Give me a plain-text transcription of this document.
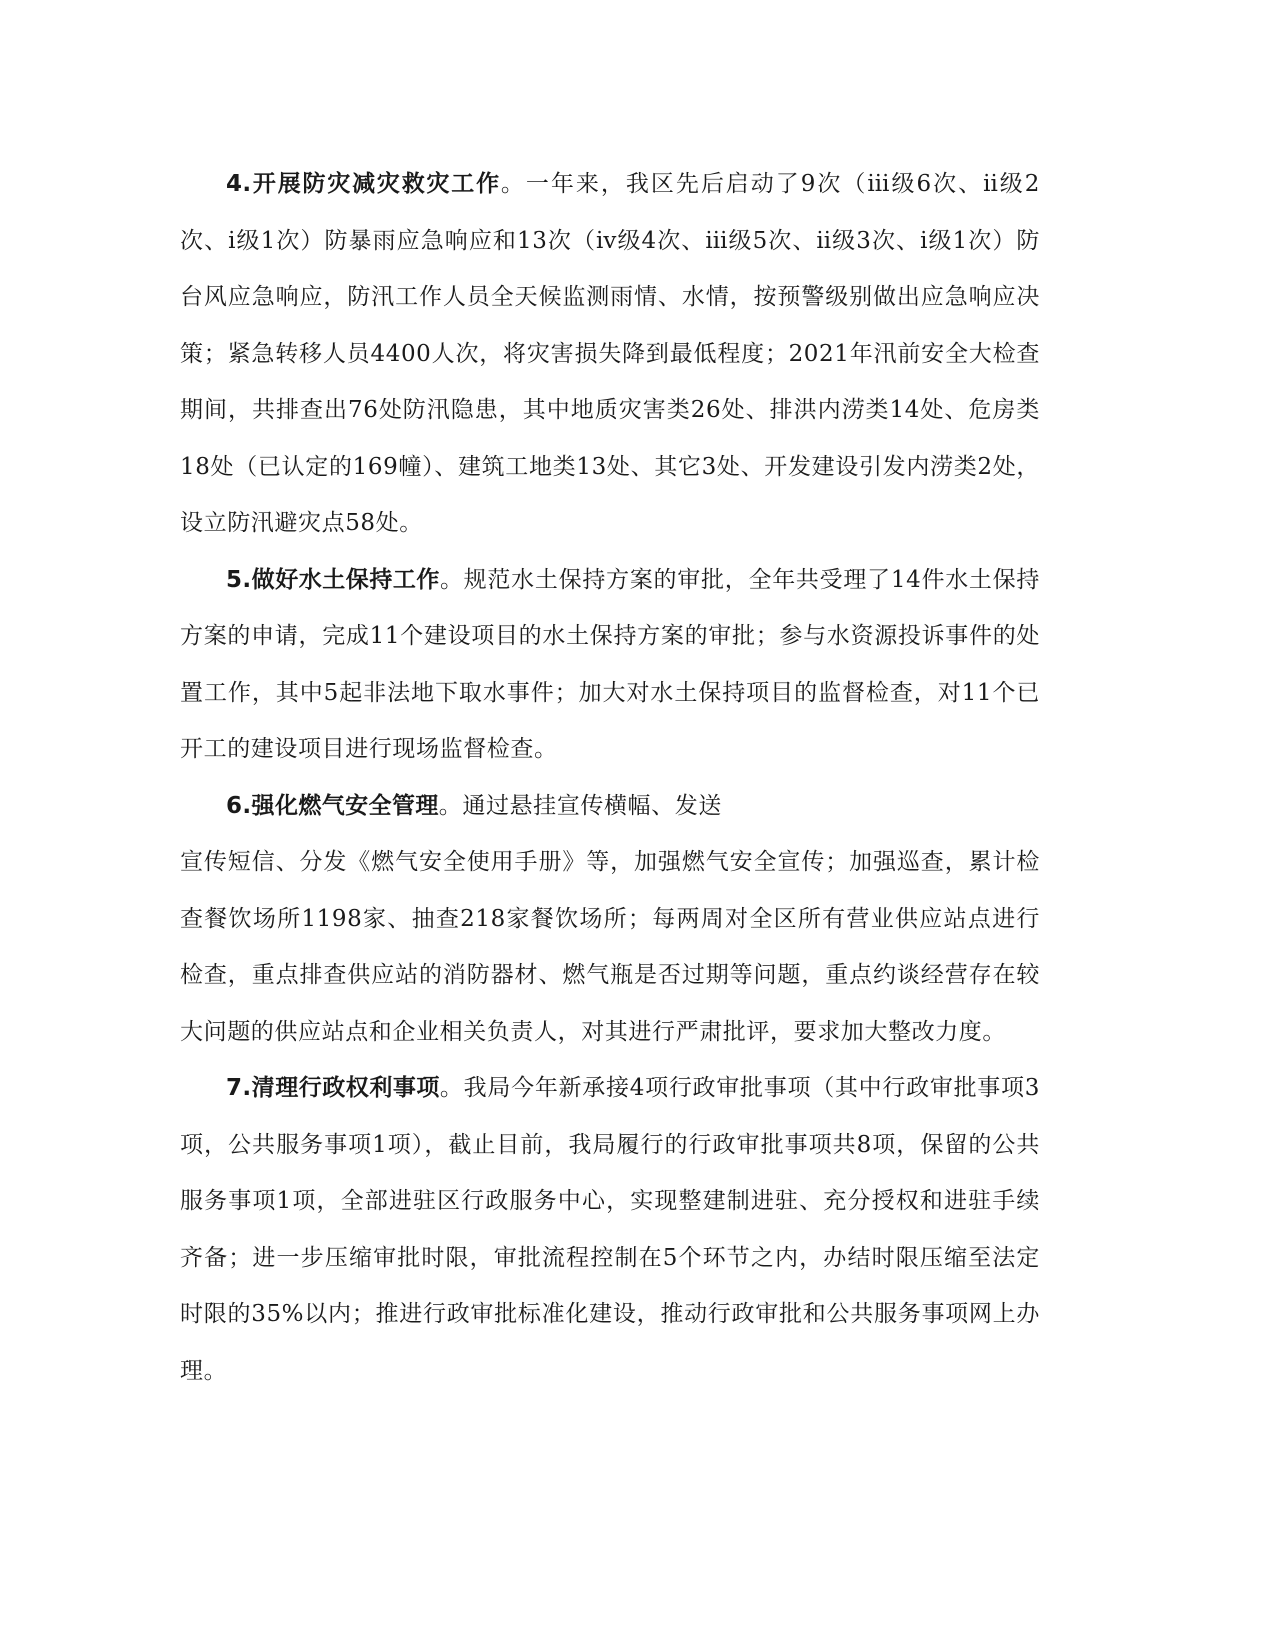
4.开展防灾减灾救灾工作。一年来，我区先后启动了9次（ⅲ级6次、ⅱ级2次、ⅰ级1次）防暴雨应急响应和13次（ⅳ级4次、ⅲ级5次、ⅱ级3次、ⅰ级1次）防台风应急响应，防汛工作人员全天候监测雨情、水情，按预警级别做出应急响应决策；紧急转移人员4400人次，将灾害损失降到最低程度；2021年汛前安全大检查期间，共排查出76处防汛隐患，其中地质灾害类26处、排洪内涝类14处、危房类18处（已认定的169幢）、建筑工地类13处、其它3处、开发建设引发内涝类2处，设立防汛避灾点58处。

5.做好水土保持工作。规范水土保持方案的审批，全年共受理了14件水土保持方案的申请，完成11个建设项目的水土保持方案的审批；参与水资源投诉事件的处置工作，其中5起非法地下取水事件；加大对水土保持项目的监督检查，对11个已开工的建设项目进行现场监督检查。

6.强化燃气安全管理。通过悬挂宣传横幅、发送

宣传短信、分发《燃气安全使用手册》等，加强燃气安全宣传；加强巡查，累计检查餐饮场所1198家、抽查218家餐饮场所；每两周对全区所有营业供应站点进行检查，重点排查供应站的消防器材、燃气瓶是否过期等问题，重点约谈经营存在较大问题的供应站点和企业相关负责人，对其进行严肃批评，要求加大整改力度。

7.清理行政权利事项。我局今年新承接4项行政审批事项（其中行政审批事项3项，公共服务事项1项），截止目前，我局履行的行政审批事项共8项，保留的公共服务事项1项，全部进驻区行政服务中心，实现整建制进驻、充分授权和进驻手续齐备；进一步压缩审批时限，审批流程控制在5个环节之内，办结时限压缩至法定时限的35%以内；推进行政审批标准化建设，推动行政审批和公共服务事项网上办理。
